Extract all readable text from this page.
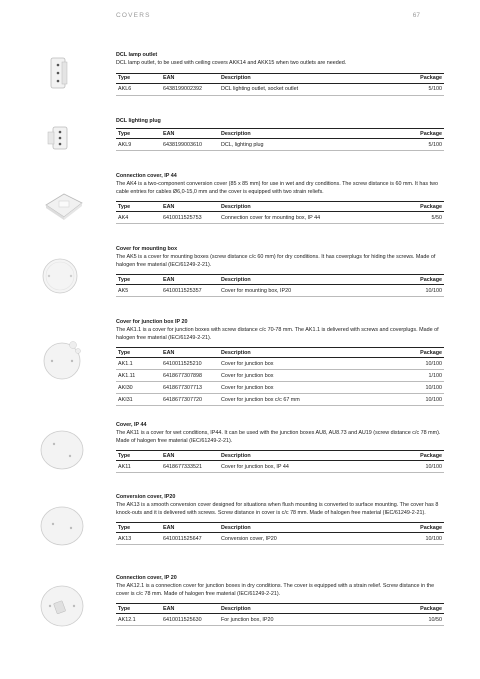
COVERS	67
DCL lamp outlet
DCL lamp outlet, to be used with ceiling covers AKK14 and AKK15 when two outlets are needed.
Type	EAN	Description	Package
AKL6	6438199002392	DCL lighting outlet, socket outlet	5/100
DCL lighting plug
Type	EAN	Description	Package
AKL9	6438199003610	DCL, lighting plug	5/100
Connection cover, IP 44
The AK4 is a two-component conversion cover (85 x 85 mm) for use in wet and dry conditions. The screw distance is 60 mm. It has two cable entries for cables Ø6,0-15,0 mm and the cover is equipped with two strain reliefs.
Type	EAN	Description	Package
AK4	6410011525753	Connection cover for mounting box, IP 44	5/50
Cover for mounting box
The AK5 is a cover for mounting boxes (screw distance c/c 60 mm) for dry conditions. It has coverplugs for hiding the screws. Made of halogen free material (IEC/61249-2-21).
Type	EAN	Description	Package
AK5	6410011525357	Cover for mounting box, IP20	10/100
Cover for junction box IP 20
The AK1.1 is a cover for junction boxes with screw distance c/c 70-78 mm. The AK1.1 is delivered with screws and coverplugs. Made of halogen free material (IEC/61249-2-21).
Type	EAN	Description	Package
AK1.1	6410011525210	Cover for junction box	10/100
AK1.11	6418677307898	Cover for junction box	1/100
AKI30	6418677307713	Cover for junction box	10/100
AKI31	6418677307720	Cover for junction box c/c 67 mm	10/100
Cover, IP 44
The AK11 is a cover for wet conditions, IP44. It can be used with the junction boxes AU8, AU8.73 and AU19 (screw distance c/c 78 mm). Made of halogen free material (IEC/61249-2-21).
Type	EAN	Description	Package
AK11	6418677333521	Cover for junction box, IP 44	10/100
Conversion cover, IP20
The AK13 is a smooth conversion cover designed for situations when flush mounting is converted to surface mounting. The cover has 8 knock-outs and it is delivered with screws. Screw distance in cover is c/c 78 mm. Made of halogen free material (IEC/61249-2-21).
Type	EAN	Description	Package
AK13	6410011525647	Conversion cover, IP20	10/100
Connection cover, IP 20
The AK12.1 is a connection cover for junction boxes in dry conditions. The cover is equipped with a strain relief. Screw distance in the cover is c/c 78 mm. Made of halogen free material (IEC/61249-2-21).
Type	EAN	Description	Package
AK12.1	6410011525630	For junction box, IP20	10/50
